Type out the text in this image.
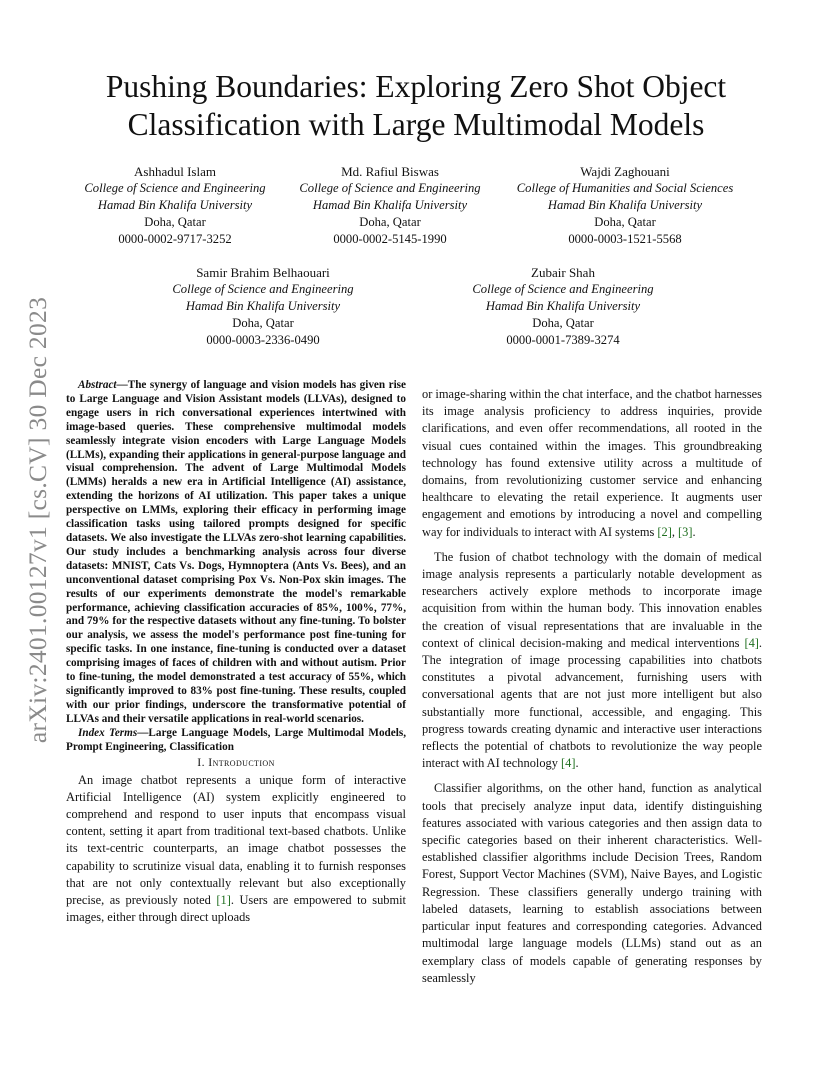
arXiv:2401.00127v1 [cs.CV] 30 Dec 2023
Pushing Boundaries: Exploring Zero Shot Object Classification with Large Multimodal Models
Ashhadul Islam
College of Science and Engineering
Hamad Bin Khalifa University
Doha, Qatar
0000-0002-9717-3252
Md. Rafiul Biswas
College of Science and Engineering
Hamad Bin Khalifa University
Doha, Qatar
0000-0002-5145-1990
Wajdi Zaghouani
College of Humanities and Social Sciences
Hamad Bin Khalifa University
Doha, Qatar
0000-0003-1521-5568
Samir Brahim Belhaouari
College of Science and Engineering
Hamad Bin Khalifa University
Doha, Qatar
0000-0003-2336-0490
Zubair Shah
College of Science and Engineering
Hamad Bin Khalifa University
Doha, Qatar
0000-0001-7389-3274

Abstract—The synergy of language and vision models has given rise to Large Language and Vision Assistant models (LLVAs), designed to engage users in rich conversational experiences intertwined with image-based queries. These comprehensive multimodal models seamlessly integrate vision encoders with Large Language Models (LLMs), expanding their applications in general-purpose language and visual comprehension. The advent of Large Multimodal Models (LMMs) heralds a new era in Artificial Intelligence (AI) assistance, extending the horizons of AI utilization. This paper takes a unique perspective on LMMs, exploring their efficacy in performing image classification tasks using tailored prompts designed for specific datasets. We also investigate the LLVAs zero-shot learning capabilities. Our study includes a benchmarking analysis across four diverse datasets: MNIST, Cats Vs. Dogs, Hymnoptera (Ants Vs. Bees), and an unconventional dataset comprising Pox Vs. Non-Pox skin images. The results of our experiments demonstrate the model's remarkable performance, achieving classification accuracies of 85%, 100%, 77%, and 79% for the respective datasets without any fine-tuning. To bolster our analysis, we assess the model's performance post fine-tuning for specific tasks. In one instance, fine-tuning is conducted over a dataset comprising images of faces of children with and without autism. Prior to fine-tuning, the model demonstrated a test accuracy of 55%, which significantly improved to 83% post fine-tuning. These results, coupled with our prior findings, underscore the transformative potential of LLVAs and their versatile applications in real-world scenarios.

Index Terms—Large Language Models, Large Multimodal Models, Prompt Engineering, Classification

I. Introduction

An image chatbot represents a unique form of interactive Artificial Intelligence (AI) system explicitly engineered to comprehend and respond to user inputs that encompass visual content, setting it apart from traditional text-based chatbots. Unlike its text-centric counterparts, an image chatbot possesses the capability to scrutinize visual data, enabling it to furnish responses that are not only contextually relevant but also exceptionally precise, as previously noted [1]. Users are empowered to submit images, either through direct uploads

or image-sharing within the chat interface, and the chatbot harnesses its image analysis proficiency to address inquiries, provide clarifications, and even offer recommendations, all rooted in the visual cues contained within the images. This groundbreaking technology has found extensive utility across a multitude of domains, from revolutionizing customer service and enhancing healthcare to elevating the retail experience. It augments user engagement and emotions by introducing a novel and compelling way for individuals to interact with AI systems [2], [3].

The fusion of chatbot technology with the domain of medical image analysis represents a particularly notable development as researchers actively explore methods to incorporate image acquisition from within the human body. This innovation enables the creation of visual representations that are invaluable in the context of clinical decision-making and medical interventions [4]. The integration of image processing capabilities into chatbots constitutes a pivotal advancement, furnishing users with conversational agents that are not just more intelligent but also substantially more functional, accessible, and engaging. This progress towards creating dynamic and interactive user interactions reflects the potential of chatbots to revolutionize the way people interact with AI technology [4].

Classifier algorithms, on the other hand, function as analytical tools that precisely analyze input data, identify distinguishing features associated with various categories and then assign data to specific categories based on their inherent characteristics. Well-established classifier algorithms include Decision Trees, Random Forest, Support Vector Machines (SVM), Naive Bayes, and Logistic Regression. These classifiers generally undergo training with labeled datasets, learning to establish associations between particular input features and corresponding categories. Advanced multimodal large language models (LLMs) stand out as an exemplary class of models capable of generating responses by seamlessly
